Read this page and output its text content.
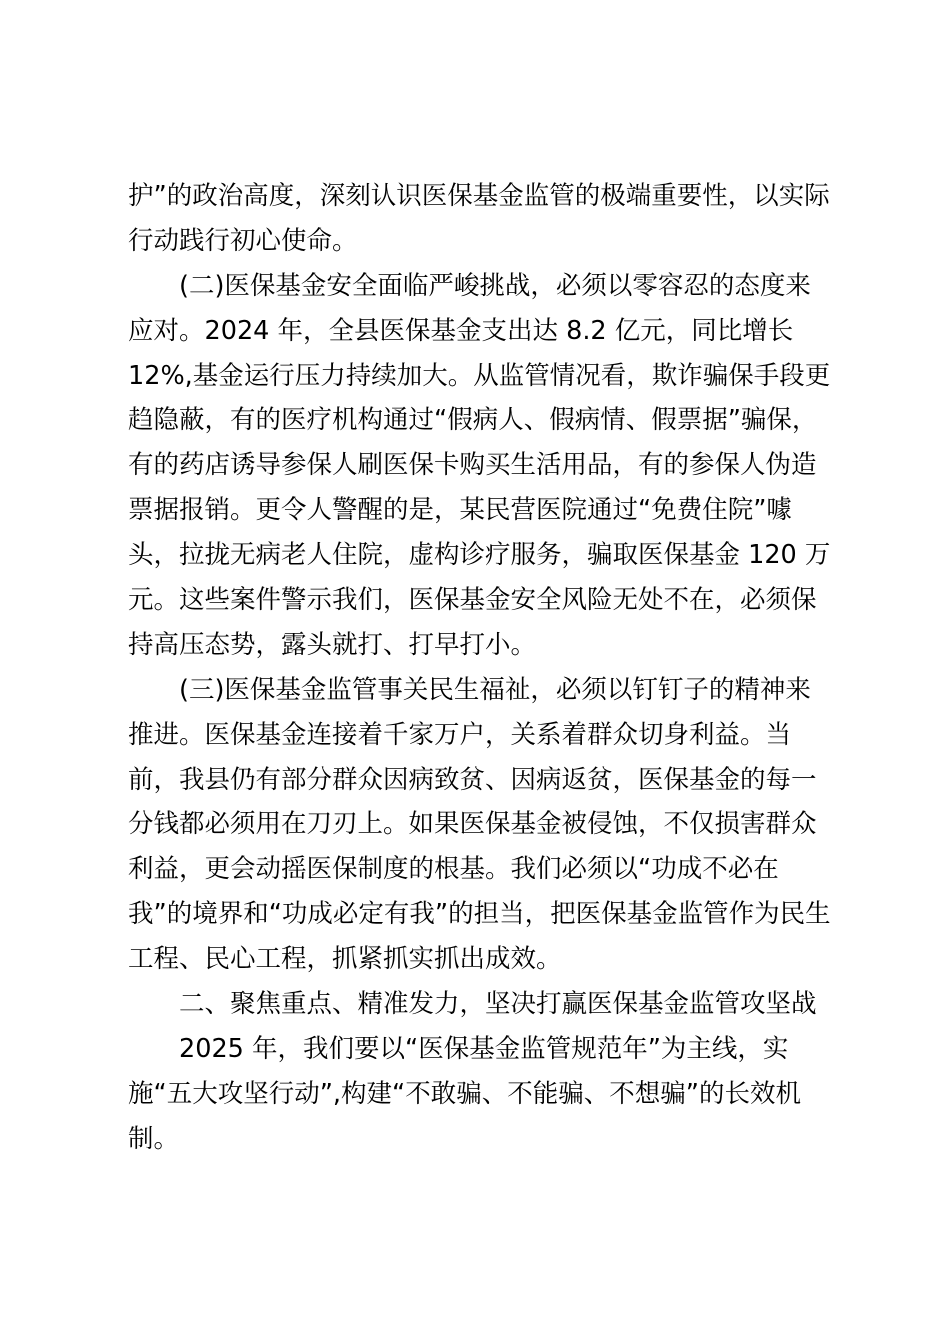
护”的政治高度，深刻认识医保基金监管的极端重要性，以实际
行动践行初心使命。
(二)医保基金安全面临严峻挑战，必须以零容忍的态度来
应对。2024 年，全县医保基金支出达 8.2 亿元，同比增长
12%,基金运行压力持续加大。从监管情况看，欺诈骗保手段更
趋隐蔽，有的医疗机构通过“假病人、假病情、假票据”骗保，
有的药店诱导参保人刷医保卡购买生活用品，有的参保人伪造
票据报销。更令人警醒的是，某民营医院通过“免费住院”噱
头，拉拢无病老人住院，虚构诊疗服务，骗取医保基金 120 万
元。这些案件警示我们，医保基金安全风险无处不在，必须保
持高压态势，露头就打、打早打小。
(三)医保基金监管事关民生福祉，必须以钉钉子的精神来
推进。医保基金连接着千家万户，关系着群众切身利益。当
前，我县仍有部分群众因病致贫、因病返贫，医保基金的每一
分钱都必须用在刀刃上。如果医保基金被侵蚀，不仅损害群众
利益，更会动摇医保制度的根基。我们必须以“功成不必在
我”的境界和“功成必定有我”的担当，把医保基金监管作为民生
工程、民心工程，抓紧抓实抓出成效。
二、聚焦重点、精准发力，坚决打赢医保基金监管攻坚战
2025 年，我们要以“医保基金监管规范年”为主线，实
施“五大攻坚行动”,构建“不敢骗、不能骗、不想骗”的长效机
制。
